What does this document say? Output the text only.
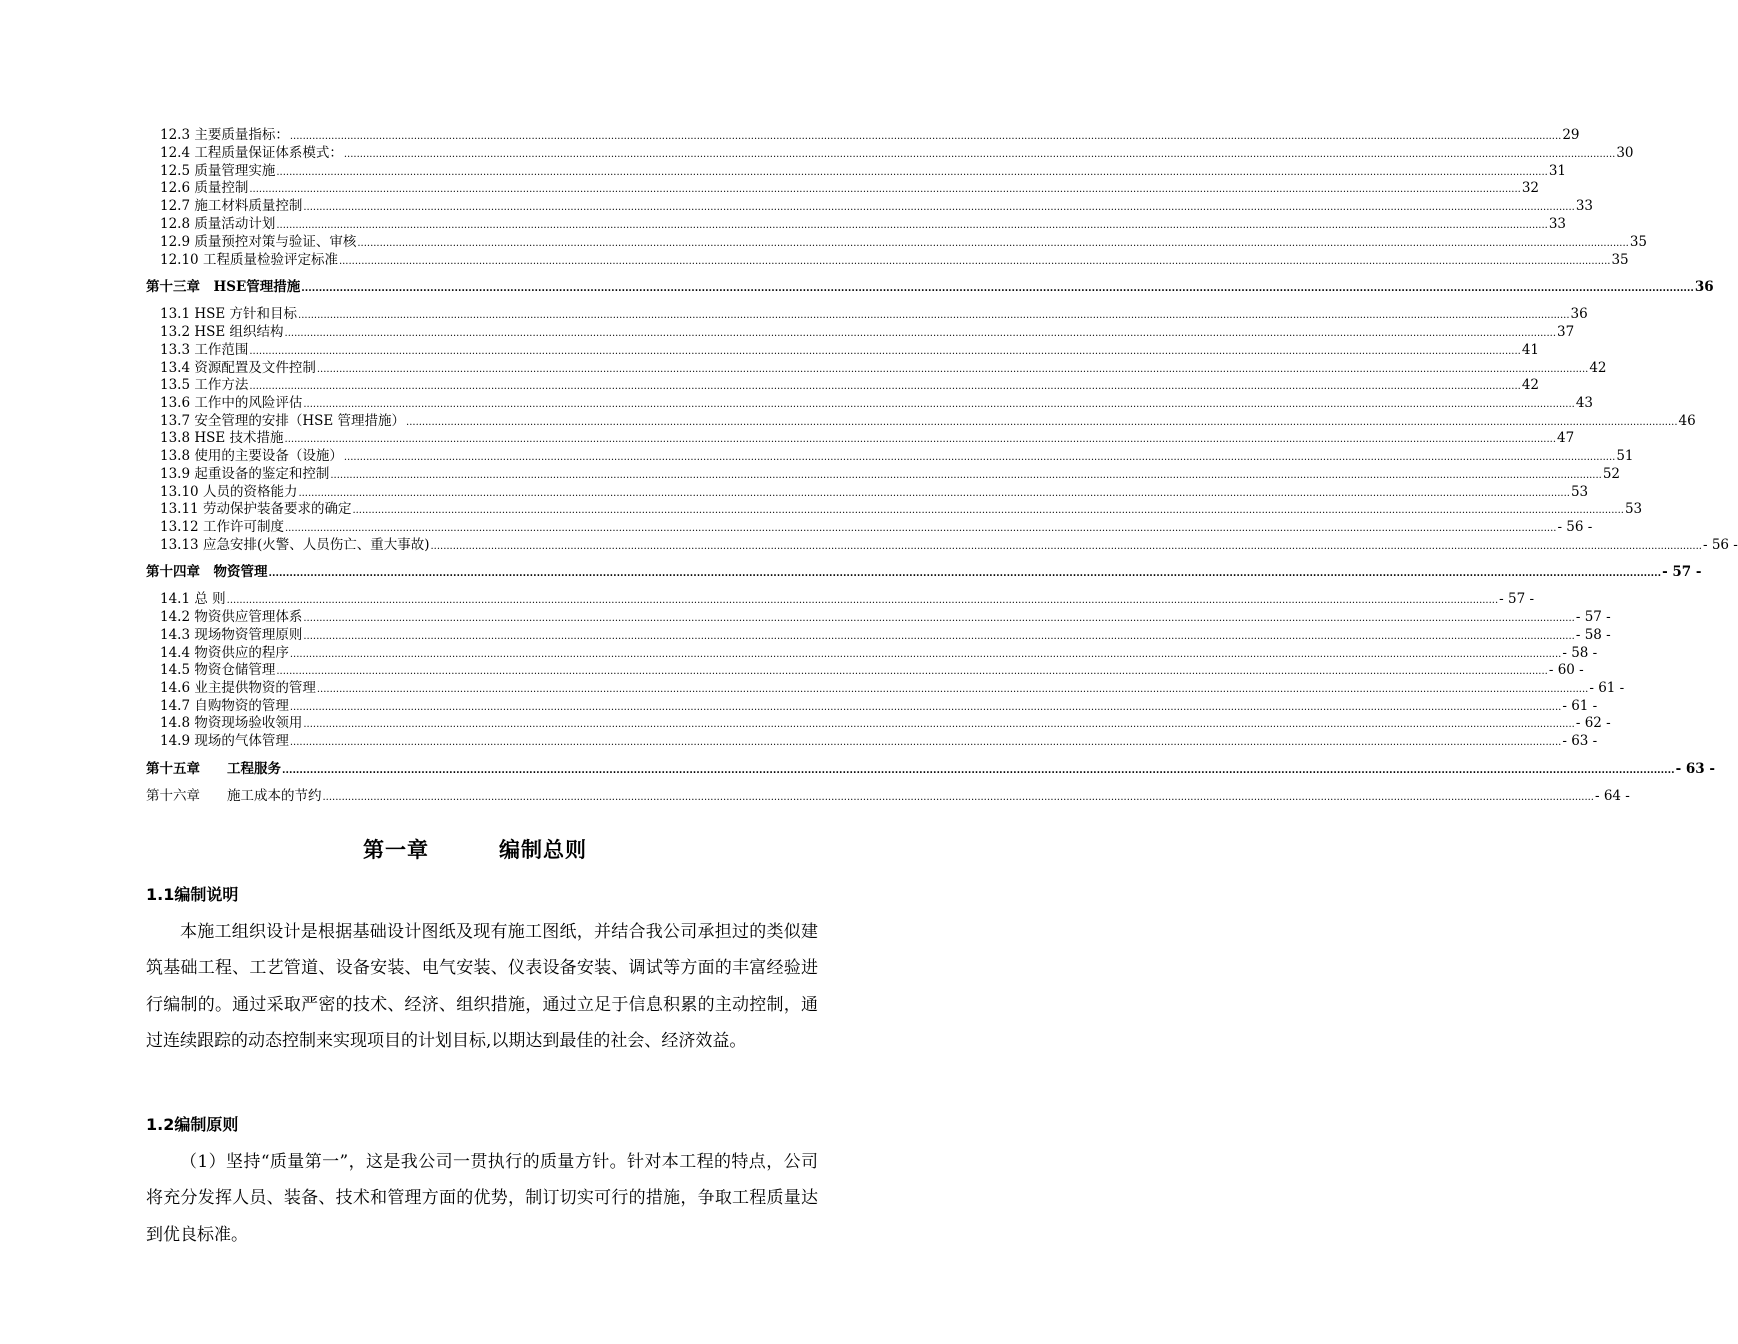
12.3 主要质量指标： ................................................................................................................................................................................................................................................................................................................................................................................................................ 29
12.4 工程质量保证体系模式： ................................................................................................................................................................................................................................................................................................................................................................................................................ 30
12.5 质量管理实施 ................................................................................................................................................................................................................................................................................................................................................................................................................ 31
12.6 质量控制 ................................................................................................................................................................................................................................................................................................................................................................................................................ 32
12.7 施工材料质量控制 ................................................................................................................................................................................................................................................................................................................................................................................................................ 33
12.8 质量活动计划 ................................................................................................................................................................................................................................................................................................................................................................................................................ 33
12.9 质量预控对策与验证、审核 ................................................................................................................................................................................................................................................................................................................................................................................................................ 35
12.10 工程质量检验评定标准 ................................................................................................................................................................................................................................................................................................................................................................................................................ 35
第十三章　HSE管理措施 ................................................................................................................................................................................................................................................................................................................................................................................................................ 36
13.1 HSE 方针和目标 ................................................................................................................................................................................................................................................................................................................................................................................................................ 36
13.2 HSE 组织结构 ................................................................................................................................................................................................................................................................................................................................................................................................................ 37
13.3 工作范围 ................................................................................................................................................................................................................................................................................................................................................................................................................ 41
13.4 资源配置及文件控制 ................................................................................................................................................................................................................................................................................................................................................................................................................ 42
13.5 工作方法 ................................................................................................................................................................................................................................................................................................................................................................................................................ 42
13.6 工作中的风险评估 ................................................................................................................................................................................................................................................................................................................................................................................................................ 43
13.7 安全管理的安排（HSE 管理措施） ................................................................................................................................................................................................................................................................................................................................................................................................................ 46
13.8 HSE 技术措施 ................................................................................................................................................................................................................................................................................................................................................................................................................ 47
13.8 使用的主要设备（设施） ................................................................................................................................................................................................................................................................................................................................................................................................................ 51
13.9 起重设备的鉴定和控制 ................................................................................................................................................................................................................................................................................................................................................................................................................ 52
13.10 人员的资格能力 ................................................................................................................................................................................................................................................................................................................................................................................................................ 53
13.11 劳动保护装备要求的确定 ................................................................................................................................................................................................................................................................................................................................................................................................................ 53
13.12 工作许可制度 ................................................................................................................................................................................................................................................................................................................................................................................................................ - 56 -
13.13 应急安排(火警、人员伤亡、重大事故) ................................................................................................................................................................................................................................................................................................................................................................................................................ - 56 -
第十四章　物资管理 ................................................................................................................................................................................................................................................................................................................................................................................................................ - 57 -
14.1 总 则 ................................................................................................................................................................................................................................................................................................................................................................................................................ - 57 -
14.2 物资供应管理体系 ................................................................................................................................................................................................................................................................................................................................................................................................................ - 57 -
14.3 现场物资管理原则 ................................................................................................................................................................................................................................................................................................................................................................................................................ - 58 -
14.4 物资供应的程序 ................................................................................................................................................................................................................................................................................................................................................................................................................ - 58 -
14.5 物资仓储管理 ................................................................................................................................................................................................................................................................................................................................................................................................................ - 60 -
14.6 业主提供物资的管理 ................................................................................................................................................................................................................................................................................................................................................................................................................ - 61 -
14.7 自购物资的管理 ................................................................................................................................................................................................................................................................................................................................................................................................................ - 61 -
14.8 物资现场验收领用 ................................................................................................................................................................................................................................................................................................................................................................................................................ - 62 -
14.9 现场的气体管理 ................................................................................................................................................................................................................................................................................................................................................................................................................ - 63 -
第十五章　　工程服务 ................................................................................................................................................................................................................................................................................................................................................................................................................ - 63 -
第十六章　　施工成本的节约 ................................................................................................................................................................................................................................................................................................................................................................................................................ - 64 -
第一章	编制总则
1.1编制说明
本施工组织设计是根据基础设计图纸及现有施工图纸，并结合我公司承担过的类似建筑基础工程、工艺管道、设备安装、电气安装、仪表设备安装、调试等方面的丰富经验进行编制的。通过采取严密的技术、经济、组织措施，通过立足于信息积累的主动控制，通过连续跟踪的动态控制来实现项目的计划目标,以期达到最佳的社会、经济效益。
1.2编制原则
（1）坚持“质量第一”，这是我公司一贯执行的质量方针。针对本工程的特点，公司将充分发挥人员、装备、技术和管理方面的优势，制订切实可行的措施，争取工程质量达到优良标准。
